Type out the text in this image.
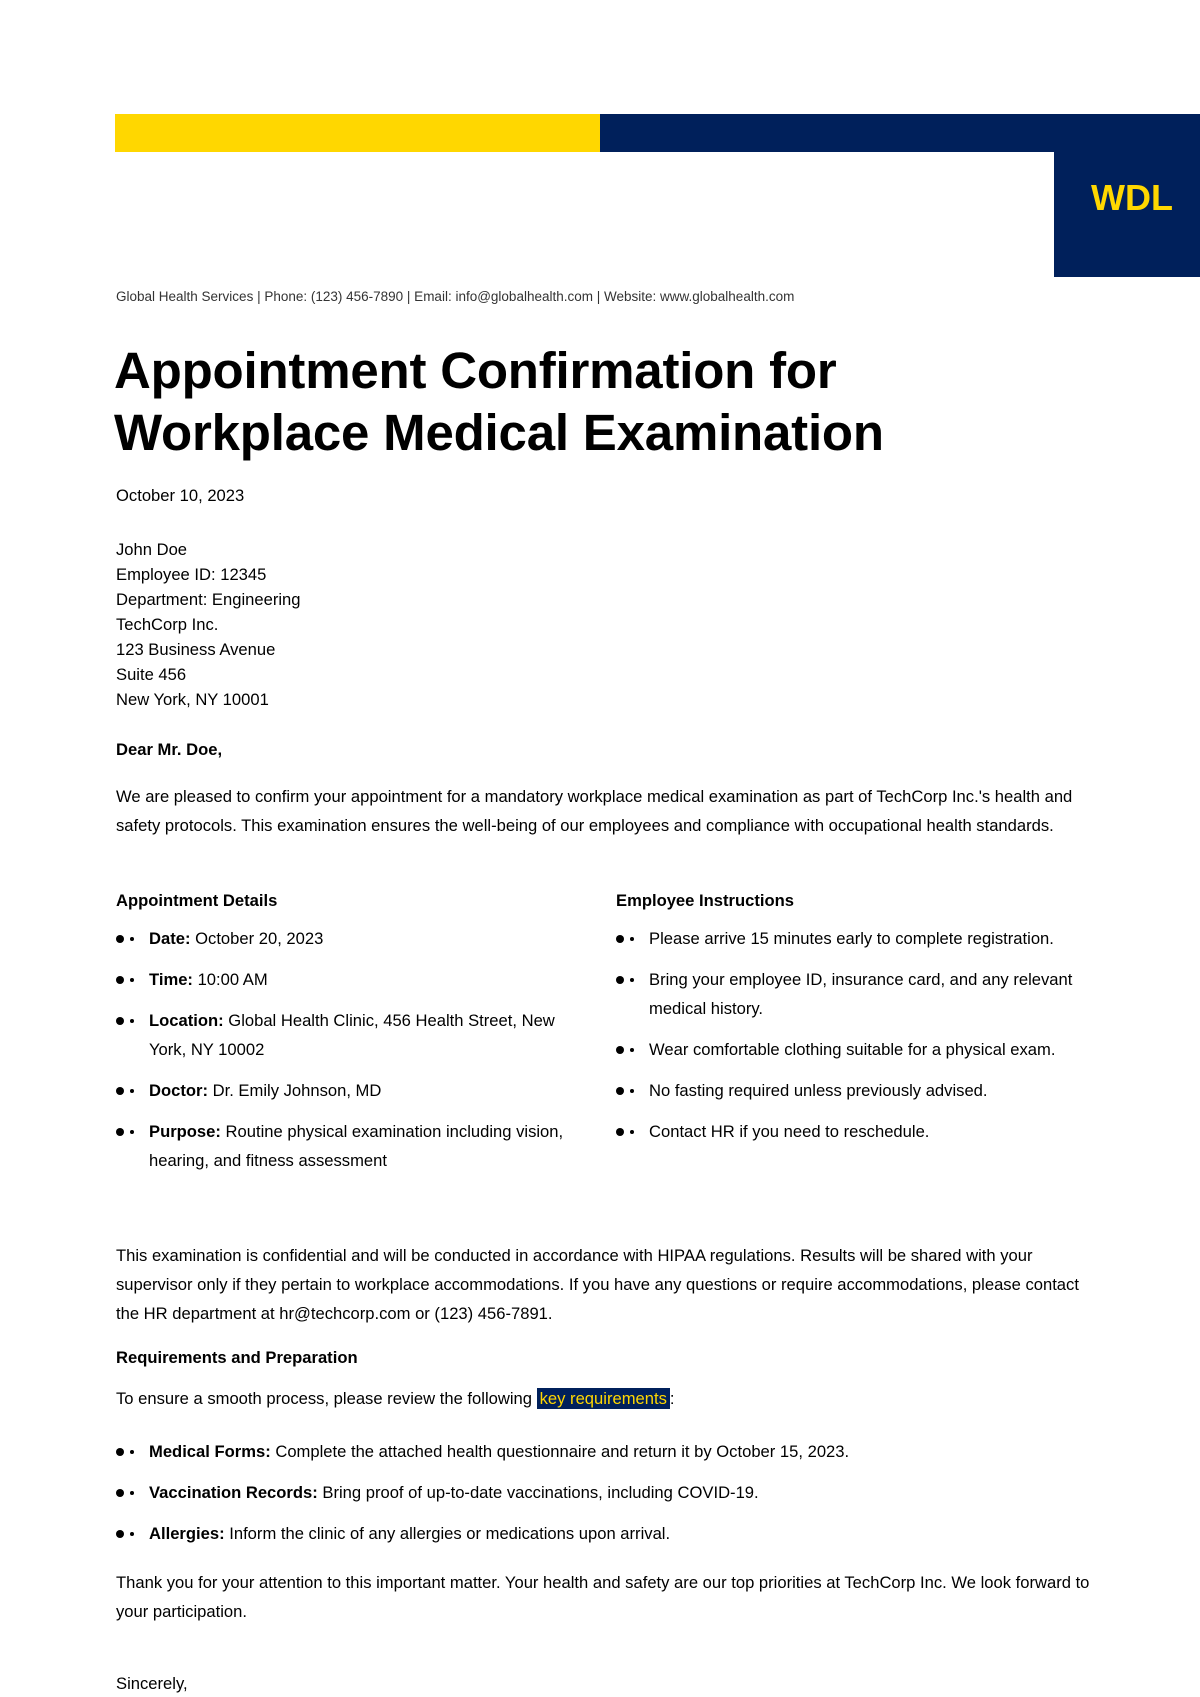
WDL

Global Health Services | Phone: (123) 456-7890 | Email: info@globalhealth.com | Website: www.globalhealth.com
Appointment Confirmation for
Workplace Medical Examination
October 10, 2023
John Doe
Employee ID: 12345
Department: Engineering
TechCorp Inc.
123 Business Avenue
Suite 456
New York, NY 10001
Dear Mr. Doe,

We are pleased to confirm your appointment for a mandatory workplace medical examination as part of TechCorp Inc.'s health and safety protocols. This examination ensures the well-being of our employees and compliance with occupational health standards.

Appointment Details
Date: October 20, 2023
Time: 10:00 AM
Location: Global Health Clinic, 456 Health Street, New York, NY 10002
Doctor: Dr. Emily Johnson, MD
Purpose: Routine physical examination including vision, hearing, and fitness assessment
Employee Instructions
Please arrive 15 minutes early to complete registration.
Bring your employee ID, insurance card, and any relevant medical history.
Wear comfortable clothing suitable for a physical exam.
No fasting required unless previously advised.
Contact HR if you need to reschedule.

This examination is confidential and will be conducted in accordance with HIPAA regulations. Results will be shared with your supervisor only if they pertain to workplace accommodations. If you have any questions or require accommodations, please contact the HR department at hr@techcorp.com or (123) 456-7891.

Requirements and Preparation
To ensure a smooth process, please review the following key requirements :
Medical Forms: Complete the attached health questionnaire and return it by October 15, 2023.
Vaccination Records: Bring proof of up-to-date vaccinations, including COVID-19.
Allergies: Inform the clinic of any allergies or medications upon arrival.

Thank you for your attention to this important matter. Your health and safety are our top priorities at TechCorp Inc. We look forward to your participation.

Sincerely,
